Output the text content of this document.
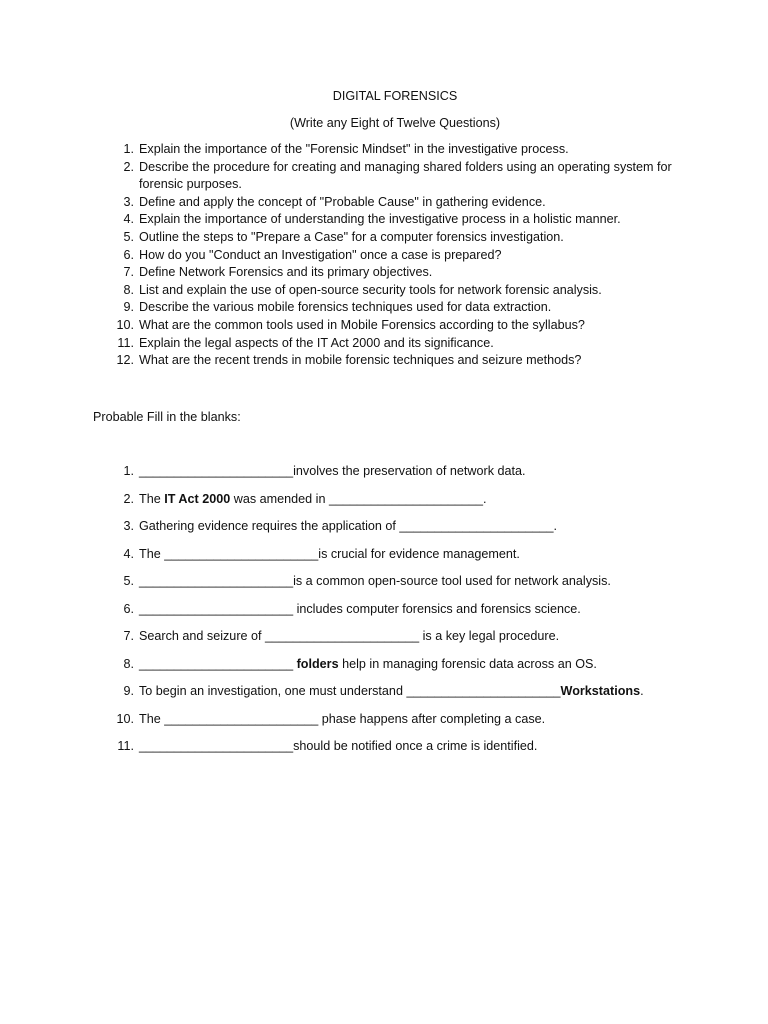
DIGITAL FORENSICS
(Write any Eight of Twelve Questions)
1. Explain the importance of the "Forensic Mindset" in the investigative process.
2. Describe the procedure for creating and managing shared folders using an operating system for forensic purposes.
3. Define and apply the concept of "Probable Cause" in gathering evidence.
4. Explain the importance of understanding the investigative process in a holistic manner.
5. Outline the steps to "Prepare a Case" for a computer forensics investigation.
6. How do you "Conduct an Investigation" once a case is prepared?
7. Define Network Forensics and its primary objectives.
8. List and explain the use of open-source security tools for network forensic analysis.
9. Describe the various mobile forensics techniques used for data extraction.
10. What are the common tools used in Mobile Forensics according to the syllabus?
11. Explain the legal aspects of the IT Act 2000 and its significance.
12. What are the recent trends in mobile forensic techniques and seizure methods?
Probable Fill in the blanks:
1. ______________________involves the preservation of network data.
2. The IT Act 2000 was amended in ______________________.
3. Gathering evidence requires the application of ______________________.
4. The ______________________is crucial for evidence management.
5. ______________________is a common open-source tool used for network analysis.
6. ______________________ includes computer forensics and forensics science.
7. Search and seizure of ______________________ is a key legal procedure.
8. ______________________ folders help in managing forensic data across an OS.
9. To begin an investigation, one must understand ______________________Workstations.
10. The ______________________ phase happens after completing a case.
11. ______________________should be notified once a crime is identified.
